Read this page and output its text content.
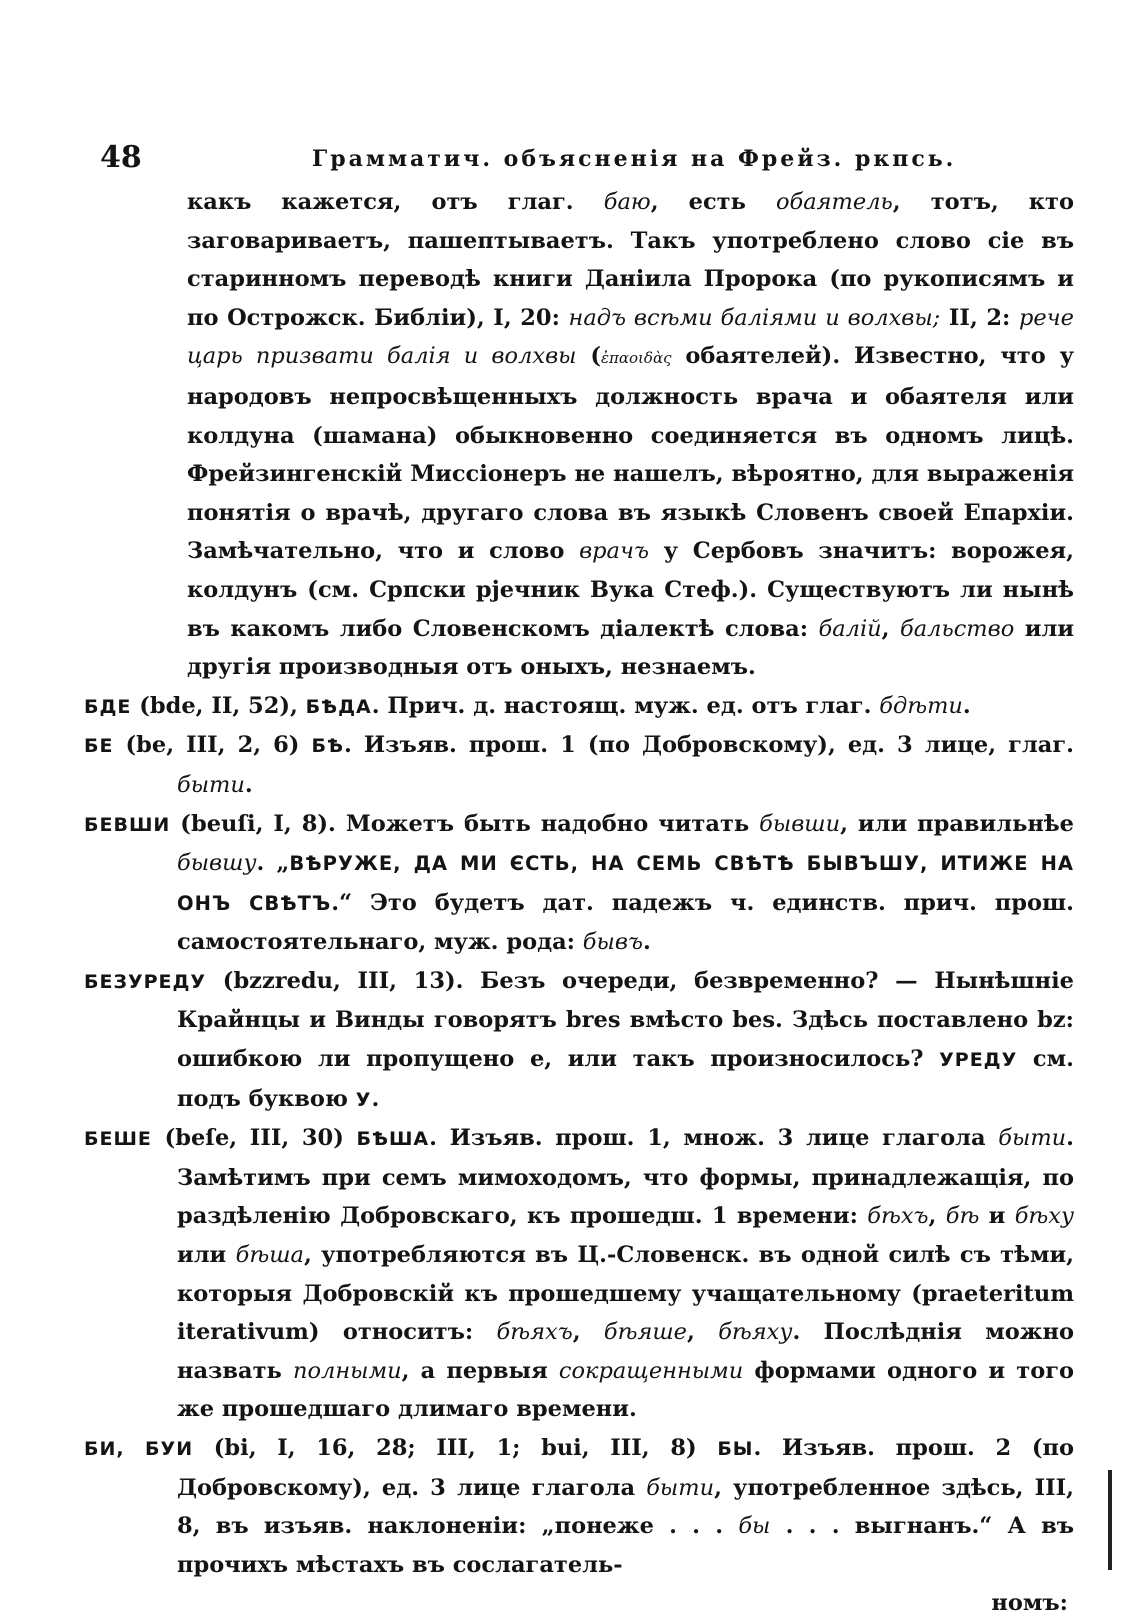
48	Грамматич. объясненія на Фрейз. ркпсь.

какъ кажется, отъ глаг. баю, есть обаятель, тотъ, кто заговариваетъ, пашептываетъ. Такъ употреблено слово сіе въ старинномъ переводѣ книги Даніила Пророка (по рукописямъ и по Острожск. Библіи), I, 20: надъ всѣми баліями и волхвы; II, 2: рече царь призвати балія и волхвы (ἐπαοιδὰς обаятелей). Известно, что у народовъ непросвѣщенныхъ должность врача и обаятеля или колдуна (шамана) обыкновенно соединяется въ одномъ лицѣ. Фрейзингенскій Миссіонеръ не нашелъ, вѣроятно, для выраженія понятія о врачѣ, другаго слова въ языкѣ Словенъ своей Епархіи. Замѣчательно, что и слово врачъ у Сербовъ значитъ: ворожея, колдунъ (см. Српски рјечник Вука Стеф.). Существуютъ ли нынѣ въ какомъ либо Словенскомъ діалектѣ слова: балій, бальство или другія производныя отъ оныхъ, незнаемъ.

БДЕ (bde, II, 52), БѢДА. Прич. д. настоящ. муж. ед. отъ глаг. бдѣти.

БЕ (be, III, 2, 6) БѢ. Изъяв. прош. 1 (по Добровскому), ед. 3 лице, глаг. быти.

БЕВШИ (beuſi, I, 8). Можетъ быть надобно читать бывши, или правильнѣе бывшу. „ВѢРУЖЕ, ДА МИ ЄСТЬ, НА СЕМЬ СВѢТѢ БЫВЪШУ, ИТИЖЕ НА ОНЪ СВѢТЪ.“ Это будетъ дат. падежъ ч. единств. прич. прош. самостоятельнаго, муж. рода: бывъ.

БЕЗУРЕДУ (bzzredu, III, 13). Безъ очереди, безвременно? — Нынѣшніе Крайнцы и Винды говорятъ bres вмѣсто bes. Здѣсь поставлено bz: ошибкою ли пропущено е, или такъ произносилось? УРЕДУ см. подъ буквою У.

БЕШЕ (beſe, III, 30) БѢША. Изъяв. прош. 1, множ. 3 лице глагола быти. Замѣтимъ при семъ мимоходомъ, что формы, принадлежащія, по раздѣленію Добровскаго, къ прошедш. 1 времени: бѣхъ, бѣ и бѣху или бѣша, употребляются въ Ц.-Словенск. въ одной силѣ съ тѣми, которыя Добровскій къ прошедшему учащательному (praeteritum iterativum) относитъ: бѣяхъ, бѣяше, бѣяху. Послѣднія можно назвать полными, а первыя сокращенными формами одного и того же прошедшаго длимаго времени.

БИ, БУИ (bi, I, 16, 28; III, 1; bui, III, 8) БЫ. Изъяв. прош. 2 (по Добровскому), ед. 3 лице глагола быти, употребленное здѣсь, III, 8, въ изъяв. наклоненіи: „понеже . . . бы . . . выгнанъ.“ А въ прочихъ мѣстахъ въ сослагатель-

номъ:
